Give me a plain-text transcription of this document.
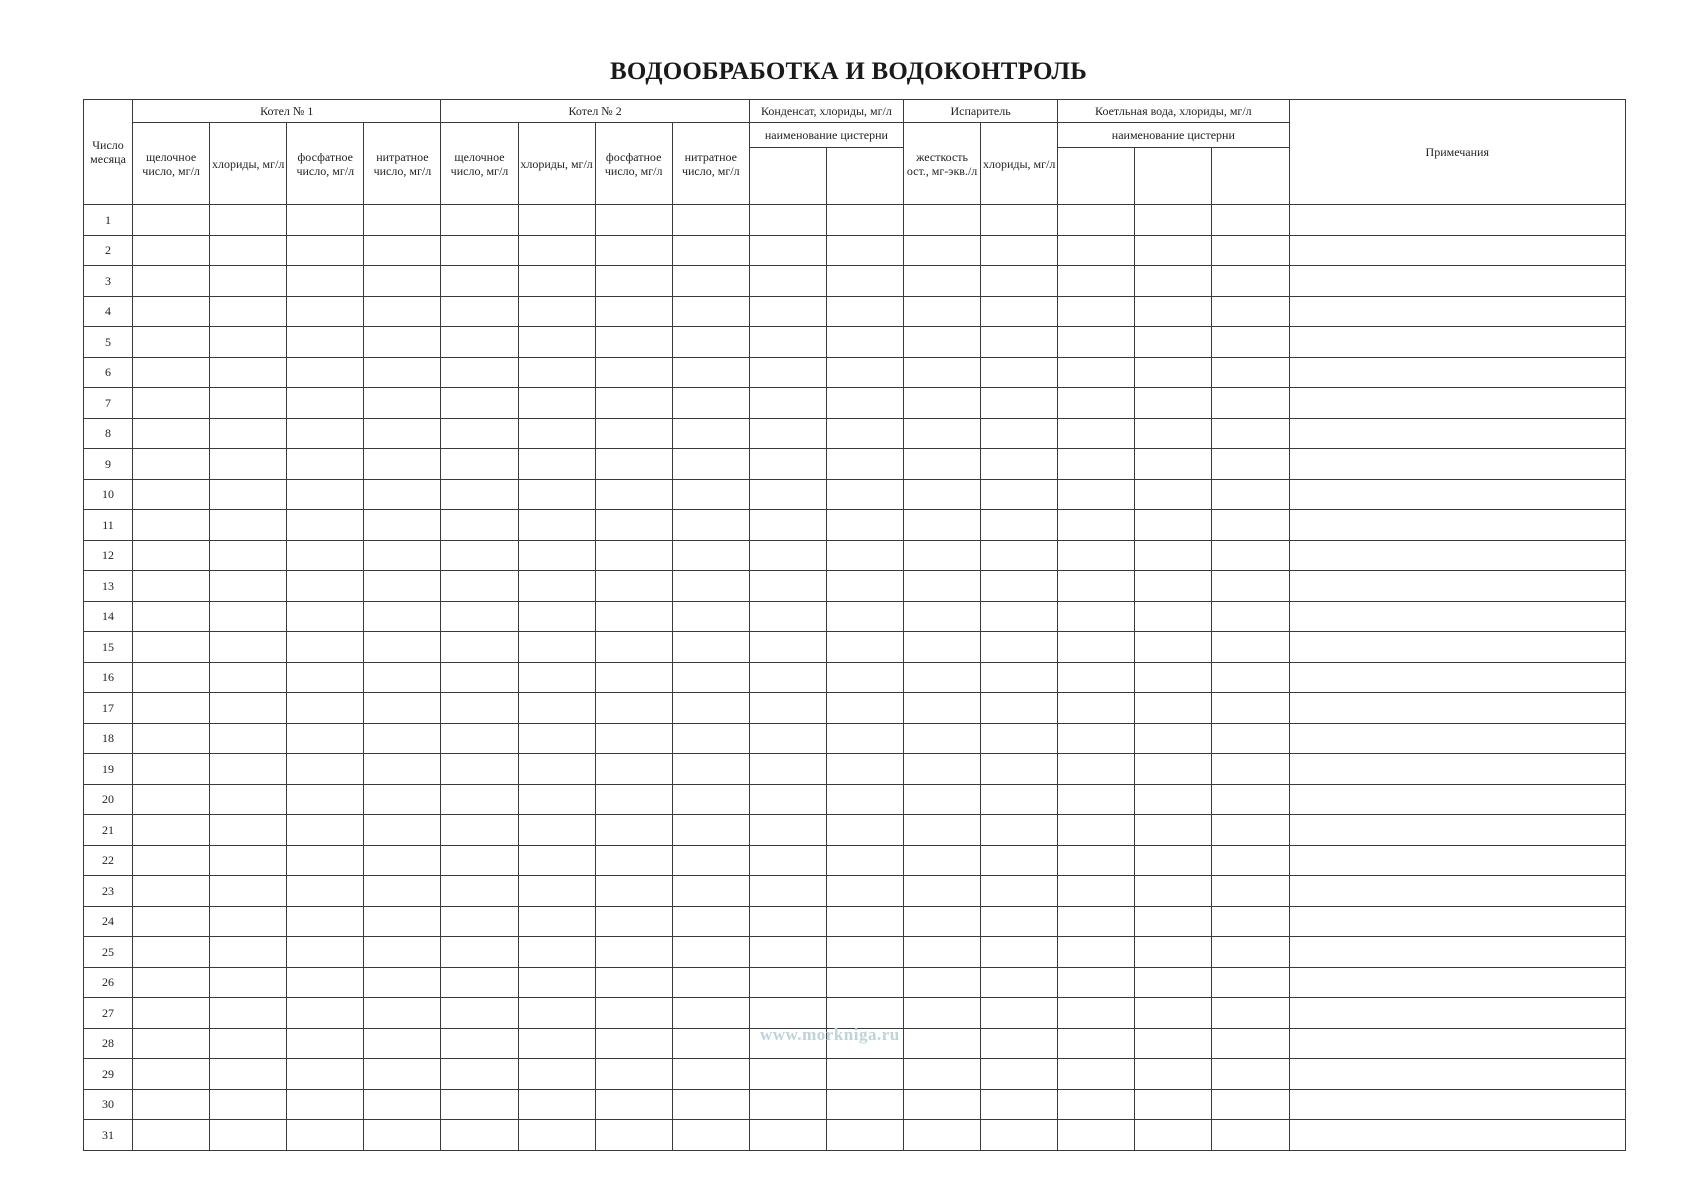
ВОДООБРАБОТКА И ВОДОКОНТРОЛЬ
Число месяца	Котел № 1				Котел № 2				Конденсат, хлориды, мг/л		Испаритель		Коетльная вода, хлориды, мг/л			Примечания
	щелочное число, мг/л	хлориды, мг/л	фосфатное число, мг/л	нитратное число, мг/л	щелочное число, мг/л	хлориды, мг/л	фосфатное число, мг/л	нитратное число, мг/л	наименование цистерни		жесткость ост., мг-экв./л	хлориды, мг/л	наименование цистерни			

1																
2																
3																
4																
5																
6																
7																
8																
9																
10																
11																
12																
13																
14																
15																
16																
17																
18																
19																
20																
21																
22																
23																
24																
25																
26																
27																
28																
29																
30																
31																
www.morkniga.ru
